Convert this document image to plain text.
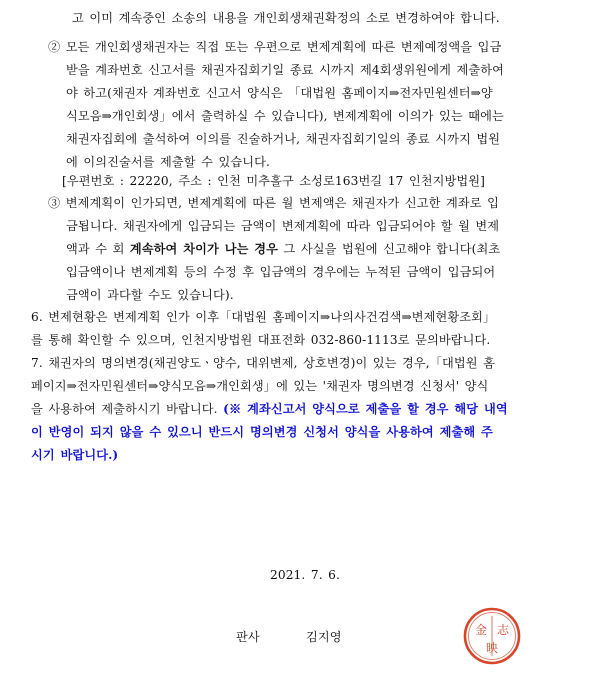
고 이미 계속중인 소송의 내용을 개인회생채권확정의 소로 변경하여야 합니다.
② 모든 개인회생채권자는 직접 또는 우편으로 변제계획에 따른 변제예정액을 입금
받을 계좌번호 신고서를 채권자집회기일 종료 시까지 제4회생위원에게 제출하여
야 하고(채권자 계좌번호 신고서 양식은 「대법원 홈페이지⇒전자민원센터⇒양
식모음⇒개인회생」에서 출력하실 수 있습니다), 변제계획에 이의가 있는 때에는
채권자집회에 출석하여 이의를 진술하거나, 채권자집회기일의 종료 시까지 법원
에 이의진술서를 제출할 수 있습니다.
[우편번호 : 22220, 주소 : 인천 미추홀구 소성로163번길 17 인천지방법원]
③ 변제계획이 인가되면, 변제계획에 따른 월 변제액은 채권자가 신고한 계좌로 입
금됩니다. 채권자에게 입금되는 금액이 변제계획에 따라 입금되어야 할 월 변제
액과 수 회 계속하여 차이가 나는 경우 그 사실을 법원에 신고해야 합니다(최초
입금액이나 변제계획 등의 수정 후 입금액의 경우에는 누적된 금액이 입금되어
금액이 과다할 수도 있습니다).
6. 변제현황은 변제계획 인가 이후「대법원 홈페이지⇒나의사건검색⇒변제현황조회」
를 통해 확인할 수 있으며, 인천지방법원 대표전화 032-860-1113로 문의바랍니다.
7. 채권자의 명의변경(채권양도ㆍ양수, 대위변제, 상호변경)이 있는 경우,「대법원 홈
페이지⇒전자민원센터⇒양식모음⇒개인회생」에 있는 '채권자 명의변경 신청서' 양식
을 사용하여 제출하시기 바랍니다. (※ 계좌신고서 양식으로 제출을 할 경우 해당 내역
이 반영이 되지 않을 수 있으니 반드시 명의변경 신청서 양식을 사용하여 제출해 주
시기 바랍니다.)
2021. 7. 6.
판사	김지영	金 志
映
